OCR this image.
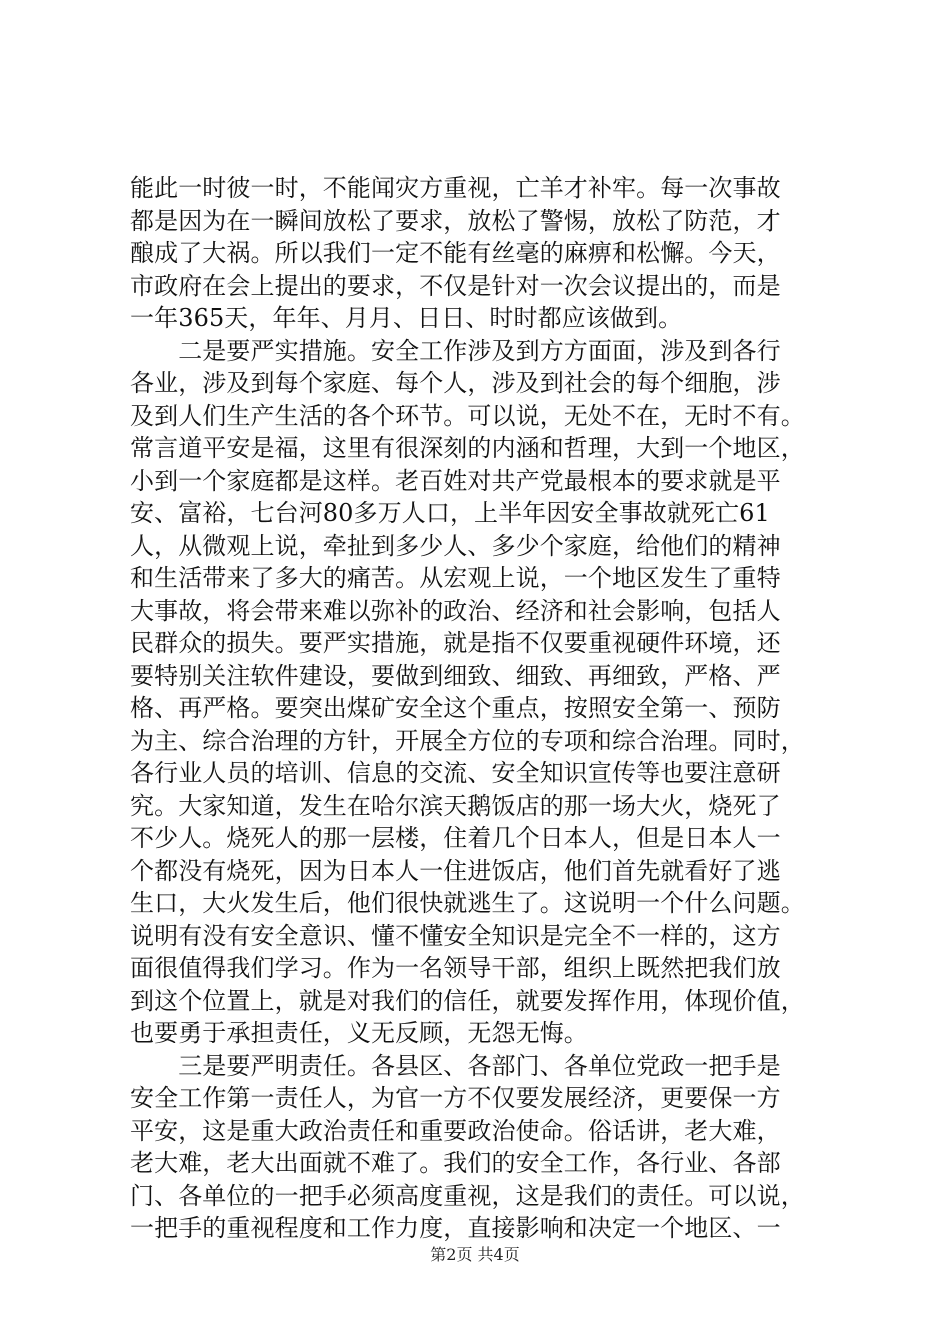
能此一时彼一时，不能闻灾方重视，亡羊才补牢。每一次事故
都是因为在一瞬间放松了要求，放松了警惕，放松了防范，才
酿成了大祸。所以我们一定不能有丝毫的麻痹和松懈。今天，
市政府在会上提出的要求，不仅是针对一次会议提出的，而是
一年365天，年年、月月、日日、时时都应该做到。
　　二是要严实措施。安全工作涉及到方方面面，涉及到各行
各业，涉及到每个家庭、每个人，涉及到社会的每个细胞，涉
及到人们生产生活的各个环节。可以说，无处不在，无时不有。
常言道平安是福，这里有很深刻的内涵和哲理，大到一个地区，
小到一个家庭都是这样。老百姓对共产党最根本的要求就是平
安、富裕，七台河80多万人口，上半年因安全事故就死亡61
人，从微观上说，牵扯到多少人、多少个家庭，给他们的精神
和生活带来了多大的痛苦。从宏观上说，一个地区发生了重特
大事故，将会带来难以弥补的政治、经济和社会影响，包括人
民群众的损失。要严实措施，就是指不仅要重视硬件环境，还
要特别关注软件建设，要做到细致、细致、再细致，严格、严
格、再严格。要突出煤矿安全这个重点，按照安全第一、预防
为主、综合治理的方针，开展全方位的专项和综合治理。同时，
各行业人员的培训、信息的交流、安全知识宣传等也要注意研
究。大家知道，发生在哈尔滨天鹅饭店的那一场大火，烧死了
不少人。烧死人的那一层楼，住着几个日本人，但是日本人一
个都没有烧死，因为日本人一住进饭店，他们首先就看好了逃
生口，大火发生后，他们很快就逃生了。这说明一个什么问题。
说明有没有安全意识、懂不懂安全知识是完全不一样的，这方
面很值得我们学习。作为一名领导干部，组织上既然把我们放
到这个位置上，就是对我们的信任，就要发挥作用，体现价值，
也要勇于承担责任，义无反顾，无怨无悔。
　　三是要严明责任。各县区、各部门、各单位党政一把手是
安全工作第一责任人，为官一方不仅要发展经济，更要保一方
平安，这是重大政治责任和重要政治使命。俗话讲，老大难，
老大难，老大出面就不难了。我们的安全工作，各行业、各部
门、各单位的一把手必须高度重视，这是我们的责任。可以说，
一把手的重视程度和工作力度，直接影响和决定一个地区、一
第2页 共4页
